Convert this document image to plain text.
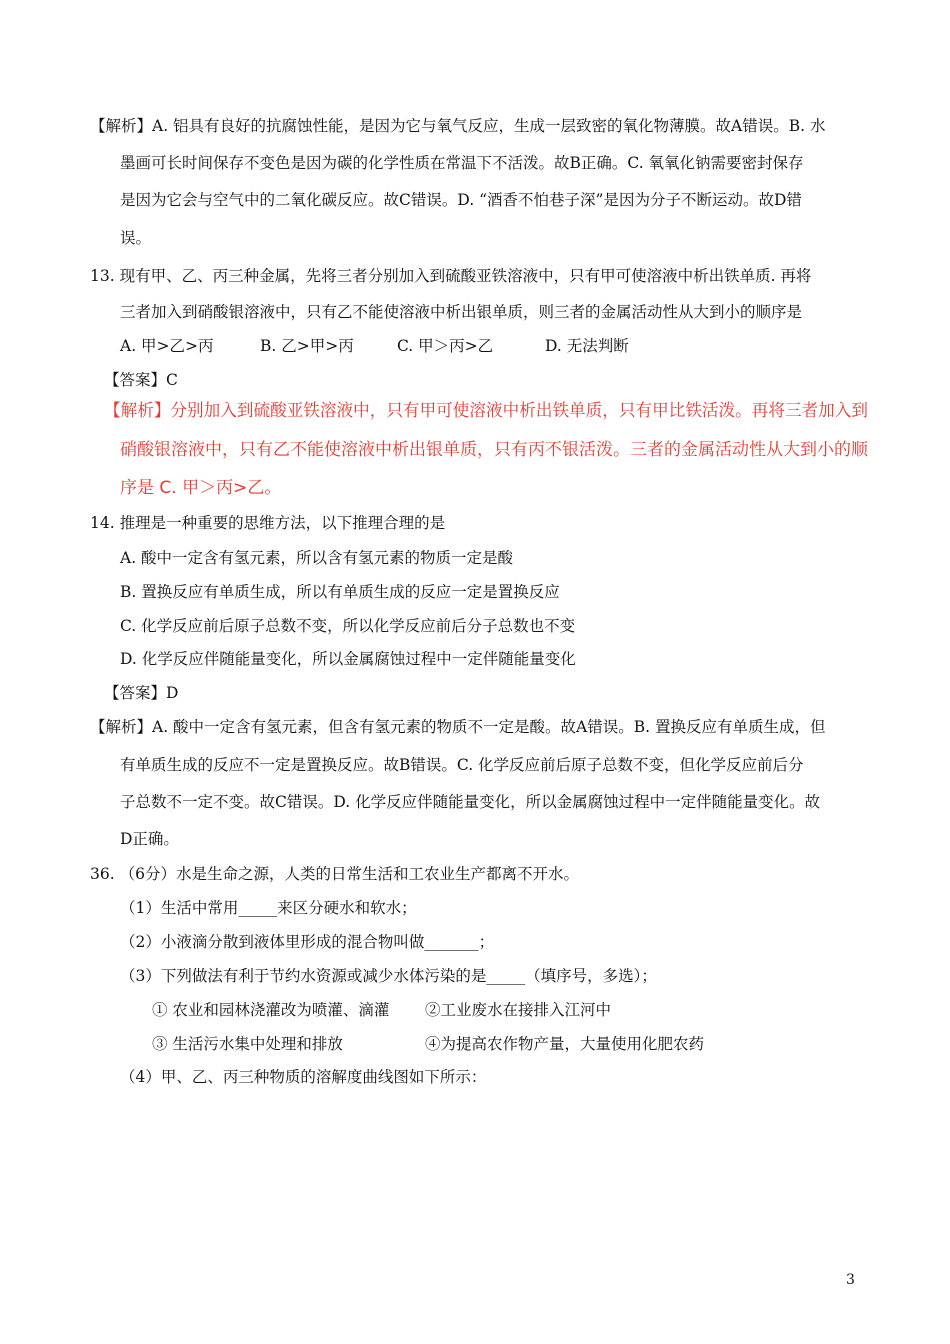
【解析】A. 铝具有良好的抗腐蚀性能，是因为它与氧气反应，生成一层致密的氧化物薄膜。故A错误。B. 水
墨画可长时间保存不变色是因为碳的化学性质在常温下不活泼。故B正确。C. 氧氧化钠需要密封保存
是因为它会与空气中的二氧化碳反应。故C错误。D. “酒香不怕巷子深”是因为分子不断运动。故D错
误。
13. 现有甲、乙、丙三种金属，先将三者分别加入到硫酸亚铁溶液中，只有甲可使溶液中析出铁单质. 再将
三者加入到硝酸银溶液中，只有乙不能使溶液中析出银单质，则三者的金属活动性从大到小的顺序是
A. 甲>乙>丙	B. 乙>甲>丙	C. 甲＞丙>乙	D. 无法判断
【答案】C
【解析】分别加入到硫酸亚铁溶液中，只有甲可使溶液中析出铁单质，只有甲比铁活泼。再将三者加入到
硝酸银溶液中，只有乙不能使溶液中析出银单质，只有丙不银活泼。三者的金属活动性从大到小的顺
序是 C. 甲＞丙>乙。
14. 推理是一种重要的思维方法，以下推理合理的是
A. 酸中一定含有氢元素，所以含有氢元素的物质一定是酸
B. 置换反应有单质生成，所以有单质生成的反应一定是置换反应
C. 化学反应前后原子总数不变，所以化学反应前后分子总数也不变
D. 化学反应伴随能量变化，所以金属腐蚀过程中一定伴随能量变化
【答案】D
【解析】A. 酸中一定含有氢元素，但含有氢元素的物质不一定是酸。故A错误。B. 置换反应有单质生成，但
有单质生成的反应不一定是置换反应。故B错误。C. 化学反应前后原子总数不变，但化学反应前后分
子总数不一定不变。故C错误。D. 化学反应伴随能量变化，所以金属腐蚀过程中一定伴随能量变化。故
D正确。
36. （6分）水是生命之源，人类的日常生活和工农业生产都离不开水。
（1）生活中常用_____来区分硬水和软水；
（2）小液滴分散到液体里形成的混合物叫做_______；
（3）下列做法有利于节约水资源或减少水体污染的是_____（填序号，多选）；
① 农业和园林浇灌改为喷灌、滴灌 ②工业废水在接排入江河中
③ 生活污水集中处理和排放	④为提高农作物产量，大量使用化肥农药
（4）甲、乙、丙三种物质的溶解度曲线图如下所示：
3
